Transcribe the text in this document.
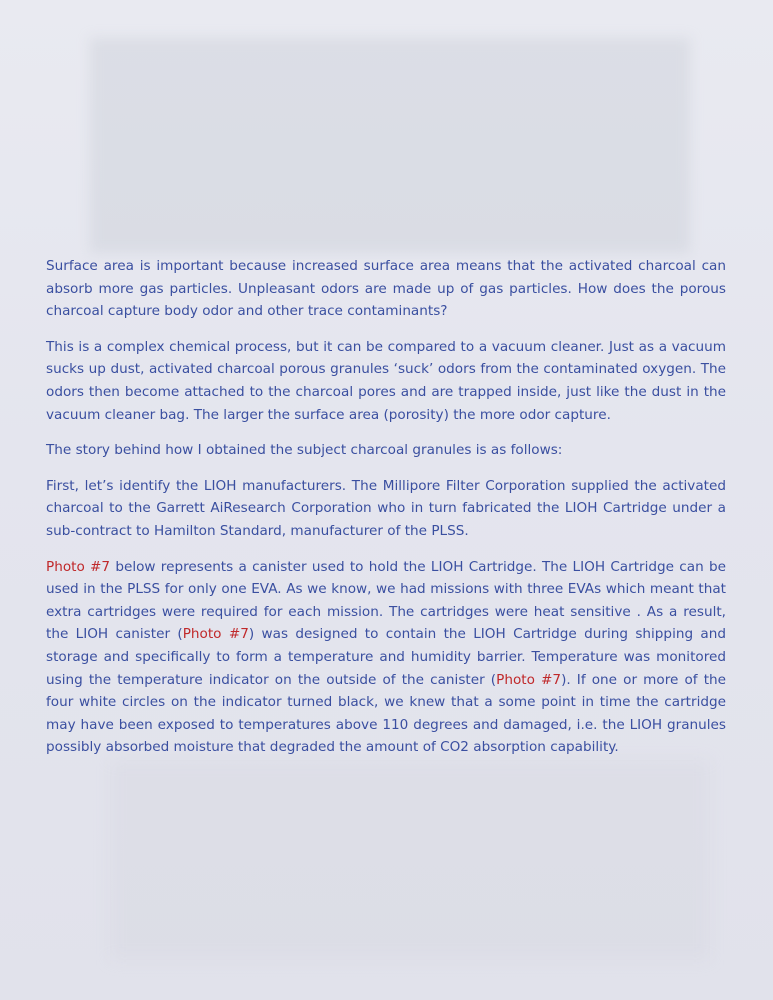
Surface area is important because increased surface area means that the activated charcoal can absorb more gas particles. Unpleasant odors are made up of gas particles. How does the porous charcoal capture body odor and other trace contaminants?

This is a complex chemical process, but it can be compared to a vacuum cleaner. Just as a vacuum sucks up dust, activated charcoal porous granules ‘suck’ odors from the contaminated oxygen. The odors then become attached to the charcoal pores and are trapped inside, just like the dust in the vacuum cleaner bag. The larger the surface area (porosity) the more odor capture.

The story behind how I obtained the subject charcoal granules is as follows:

First, let’s identify the LIOH manufacturers. The Millipore Filter Corporation supplied the activated charcoal to the Garrett AiResearch Corporation who in turn fabricated the LIOH Cartridge under a sub-contract to Hamilton Standard, manufacturer of the PLSS.

Photo #7 below represents a canister used to hold the LIOH Cartridge. The LIOH Cartridge can be used in the PLSS for only one EVA. As we know, we had missions with three EVAs which meant that extra cartridges were required for each mission. The cartridges were heat sensitive . As a result, the LIOH canister (Photo #7) was designed to contain the LIOH Cartridge during shipping and storage and specifically to form a temperature and humidity barrier. Temperature was monitored using the temperature indicator on the outside of the canister (Photo #7). If one or more of the four white circles on the indicator turned black, we knew that a some point in time the cartridge may have been exposed to temperatures above 110 degrees and damaged, i.e. the LIOH granules possibly absorbed moisture that degraded the amount of CO2 absorption capability.
